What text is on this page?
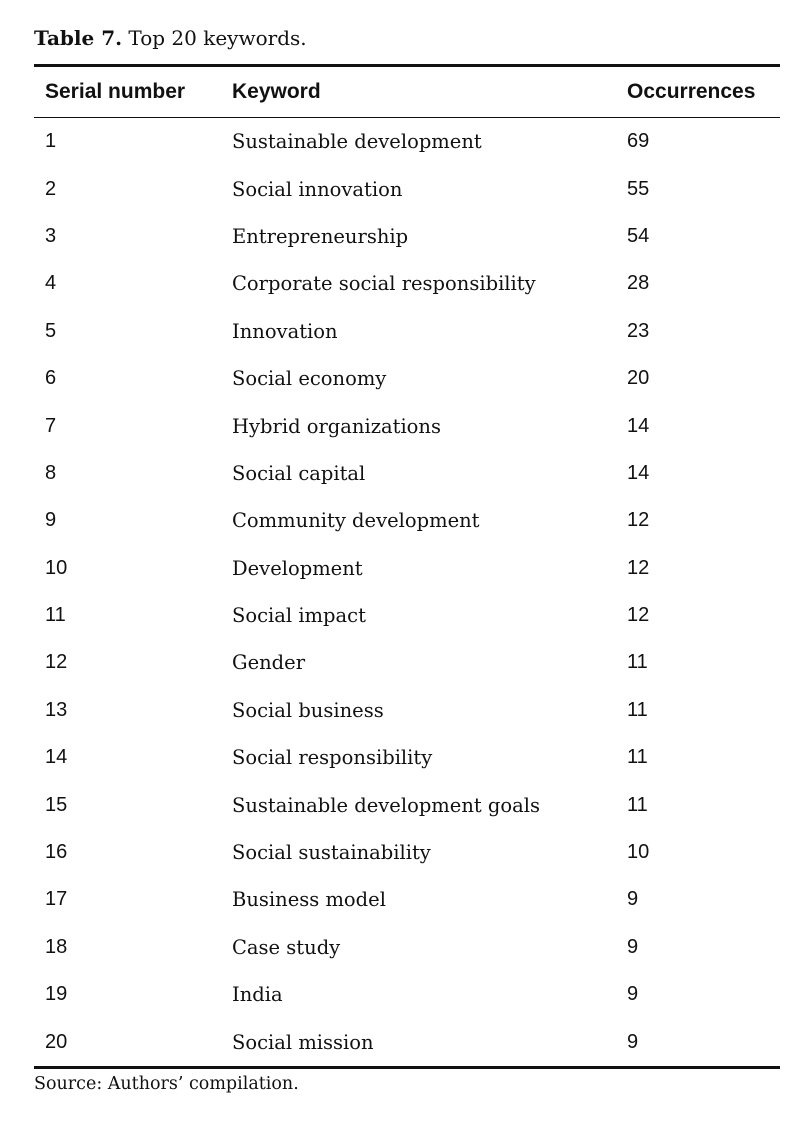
Table 7. Top 20 keywords.
Serial number	Keyword	Occurrences
1	Sustainable development	69
2	Social innovation	55
3	Entrepreneurship	54
4	Corporate social responsibility	28
5	Innovation	23
6	Social economy	20
7	Hybrid organizations	14
8	Social capital	14
9	Community development	12
10	Development	12
11	Social impact	12
12	Gender	11
13	Social business	11
14	Social responsibility	11
15	Sustainable development goals	11
16	Social sustainability	10
17	Business model	9
18	Case study	9
19	India	9
20	Social mission	9
Source: Authors’ compilation.
